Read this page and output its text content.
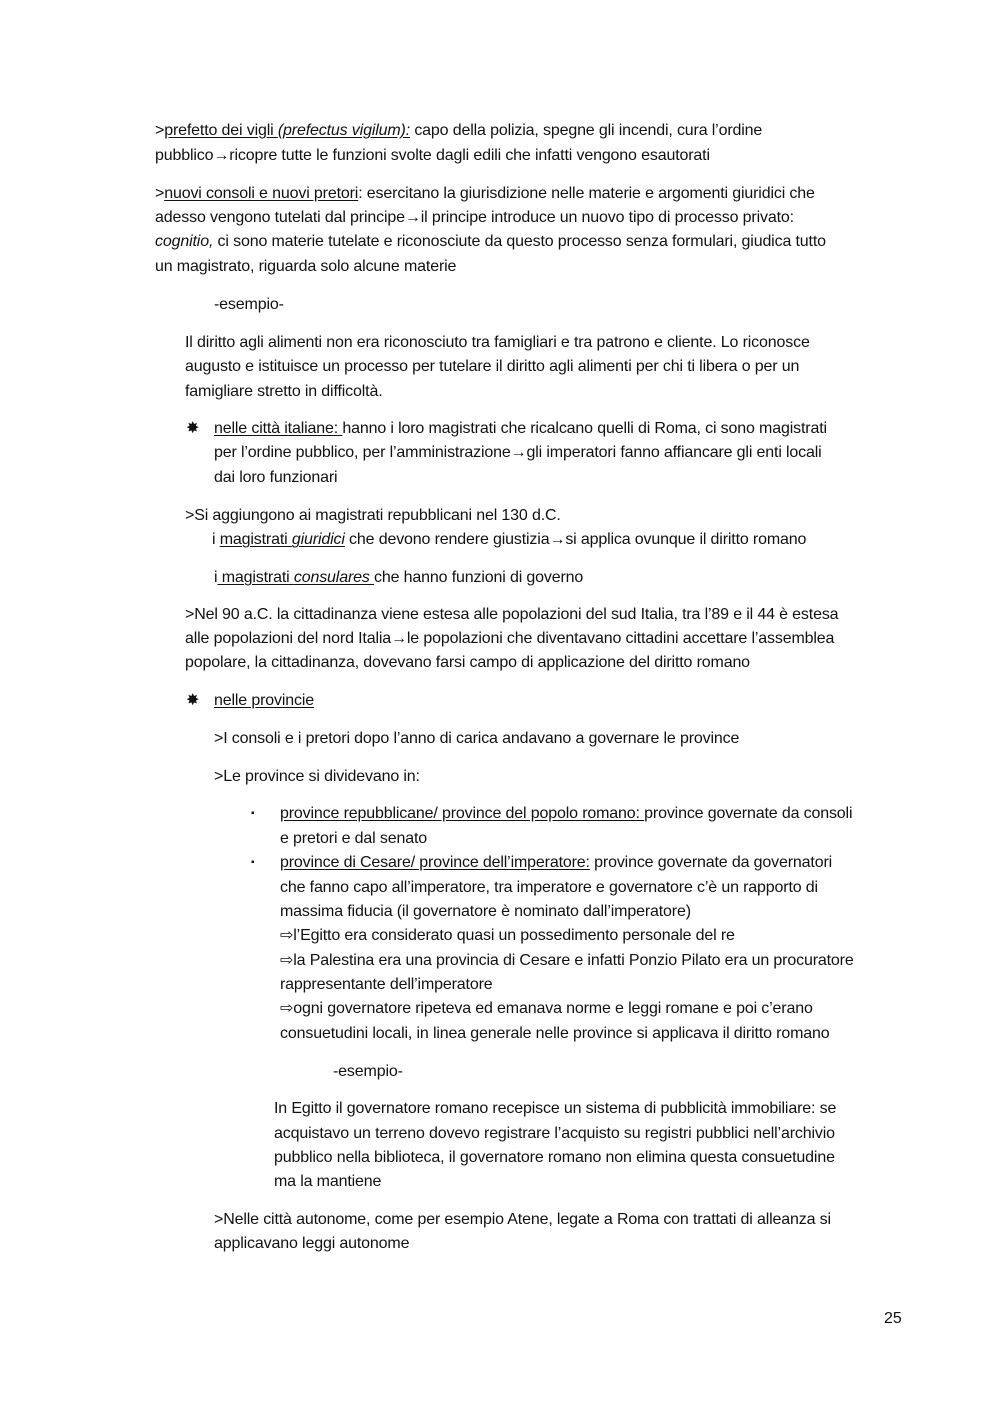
>prefetto dei vigli (prefectus vigilum): capo della polizia, spegne gli incendi, cura l’ordine
pubblico→ricopre tutte le funzioni svolte dagli edili che infatti vengono esautorati
>nuovi consoli e nuovi pretori: esercitano la giurisdizione nelle materie e argomenti giuridici che
adesso vengono tutelati dal principe→il principe introduce un nuovo tipo di processo privato:
cognitio, ci sono materie tutelate e riconosciute da questo processo senza formulari, giudica tutto
un magistrato, riguarda solo alcune materie
-esempio-
Il diritto agli alimenti non era riconosciuto tra famigliari e tra patrono e cliente. Lo riconosce
augusto e istituisce un processo per tutelare il diritto agli alimenti per chi ti libera o per un
famigliare stretto in difficoltà.
✸ nelle città italiane: hanno i loro magistrati che ricalcano quelli di Roma, ci sono magistrati
per l’ordine pubblico, per l’amministrazione→gli imperatori fanno affiancare gli enti locali
dai loro funzionari
>Si aggiungono ai magistrati repubblicani nel 130 d.C.
i magistrati giuridici che devono rendere giustizia→si applica ovunque il diritto romano
i magistrati consulares che hanno funzioni di governo
>Nel 90 a.C. la cittadinanza viene estesa alle popolazioni del sud Italia, tra l’89 e il 44 è estesa
alle popolazioni del nord Italia→le popolazioni che diventavano cittadini accettare l’assemblea
popolare, la cittadinanza, dovevano farsi campo di applicazione del diritto romano
✸ nelle provincie
>I consoli e i pretori dopo l’anno di carica andavano a governare le province
>Le province si dividevano in:
▪ province repubblicane/ province del popolo romano: province governate da consoli
e pretori e dal senato
▪ province di Cesare/ province dell’imperatore: province governate da governatori
che fanno capo all’imperatore, tra imperatore e governatore c’è un rapporto di
massima fiducia (il governatore è nominato dall’imperatore)
⇨l’Egitto era considerato quasi un possedimento personale del re
⇨la Palestina era una provincia di Cesare e infatti Ponzio Pilato era un procuratore
rappresentante dell’imperatore
⇨ogni governatore ripeteva ed emanava norme e leggi romane e poi c’erano
consuetudini locali, in linea generale nelle province si applicava il diritto romano
-esempio-
In Egitto il governatore romano recepisce un sistema di pubblicità immobiliare: se
acquistavo un terreno dovevo registrare l’acquisto su registri pubblici nell’archivio
pubblico nella biblioteca, il governatore romano non elimina questa consuetudine
ma la mantiene
>Nelle città autonome, come per esempio Atene, legate a Roma con trattati di alleanza si
applicavano leggi autonome
25
